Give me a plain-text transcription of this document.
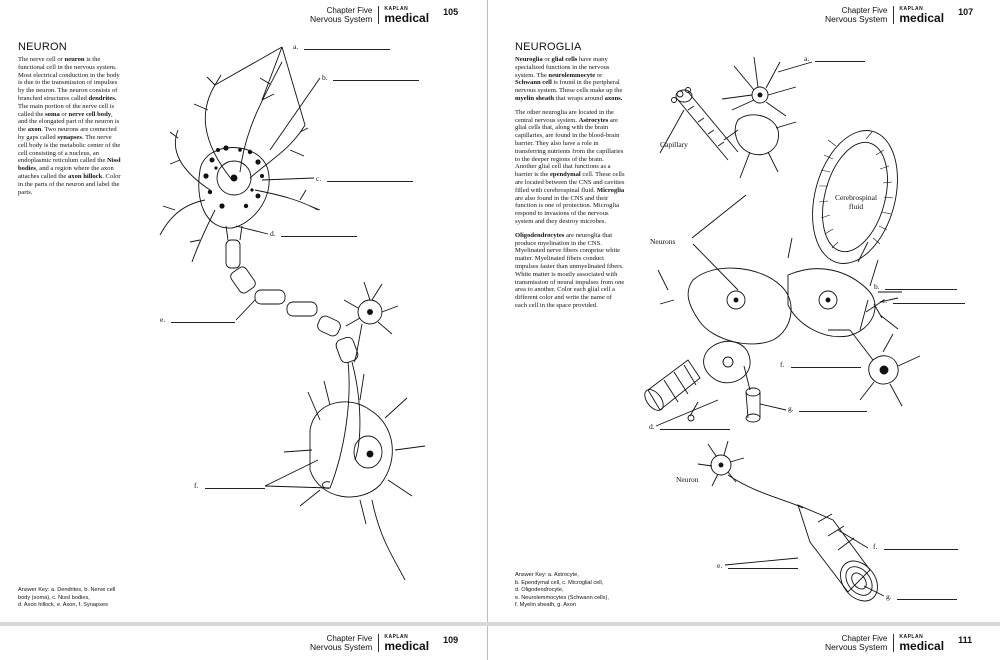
Chapter Five
Nervous System
KAPLAN
medical 105
NEURON

The nerve cell or neuron is the functional cell in the nervous system. Most electrical conduction in the body is due to the transmission of impulses by the neuron. The neuron consists of branched structures called dendrites. The main portion of the nerve cell is called the soma or nerve cell body, and the elongated part of the neuron is the axon. Two neurons are connected by gaps called synapses. The nerve cell body is the metabolic center of the cell consisting of a nucleus, an endoplasmic reticulum called the Nissl bodies, and a region where the axon attaches called the axon hillock. Color in the parts of the neuron and label the parts.

a.
b.
c.
d.
e.
f.
Answer Key: a. Dendrites, b. Nerve cell
body (soma), c. Nissl bodies,
d. Axon hillock, e. Axon, f. Synapses
Chapter Five
Nervous System
KAPLAN
medical 107
NEUROGLIA

Neuroglia or glial cells have many specialized functions in the nervous system. The neurolemmocyte or Schwann cell is found in the peripheral nervous system. These cells make up the myelin sheath that wraps around axons.

The other neuroglia are located in the central nervous system. Astrocytes are glial cells that, along with the brain capillaries, are found in the blood-brain barrier. They also have a role in transferring nutrients from the capillaries to the deeper regions of the brain. Another glial cell that functions as a barrier is the ependymal cell. These cells are located between the CNS and cavities filled with cerebrospinal fluid. Microglia are also found in the CNS and their function is one of protection. Microglia respond to invasions of the nervous system and they destroy microbes.

Oligodendrocytes are neuroglia that produce myelination in the CNS. Myelinated nerve fibers comprise white matter. Myelinated fibers conduct impulses faster than unmyelinated fibers. White matter is mostly associated with transmission of neural impulses from one area to another. Color each glial cell a different color and write the name of each cell in the space provided.

Capillary
Cerebrospinal fluid
Neurons
Neuron
a.
b.
c.
d.
e.
f.
g.
f.
g.
Answer Key: a. Astrocyte,
b. Ependymal cell, c. Microglial cell,
d. Oligodendrocyte,
e. Neurolemmocytes (Schwann cells),
f. Myelin sheath, g. Axon
Chapter Five
Nervous System
KAPLAN
medical 109	Chapter Five
Nervous System
KAPLAN
medical 111
